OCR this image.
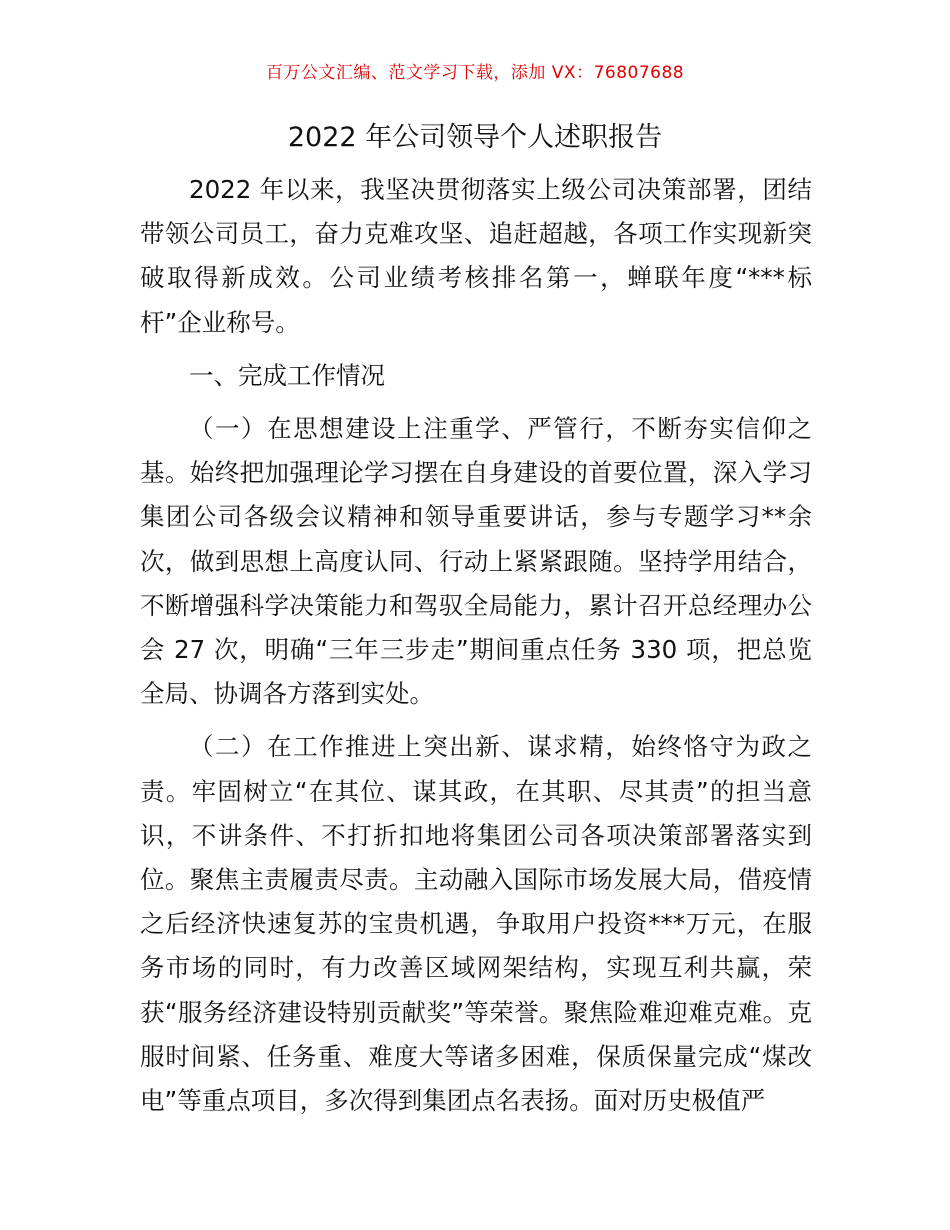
百万公文汇编、范文学习下载，添加 VX：76807688
2022 年公司领导个人述职报告

2022 年以来，我坚决贯彻落实上级公司决策部署，团结带领公司员工，奋力克难攻坚、追赶超越，各项工作实现新突破取得新成效。公司业绩考核排名第一，蝉联年度“***标杆”企业称号。

一、完成工作情况

（一）在思想建设上注重学、严管行，不断夯实信仰之基。始终把加强理论学习摆在自身建设的首要位置，深入学习集团公司各级会议精神和领导重要讲话，参与专题学习**余次，做到思想上高度认同、行动上紧紧跟随。坚持学用结合，不断增强科学决策能力和驾驭全局能力，累计召开总经理办公会 27 次，明确“三年三步走”期间重点任务 330 项，把总览全局、协调各方落到实处。

（二）在工作推进上突出新、谋求精，始终恪守为政之责。牢固树立“在其位、谋其政，在其职、尽其责”的担当意识，不讲条件、不打折扣地将集团公司各项决策部署落实到位。聚焦主责履责尽责。主动融入国际市场发展大局，借疫情之后经济快速复苏的宝贵机遇，争取用户投资***万元，在服务市场的同时，有力改善区域网架结构，实现互利共赢，荣获“服务经济建设特别贡献奖”等荣誉。聚焦险难迎难克难。克服时间紧、任务重、难度大等诸多困难，保质保量完成“煤改电”等重点项目，多次得到集团点名表扬。面对历史极值严
